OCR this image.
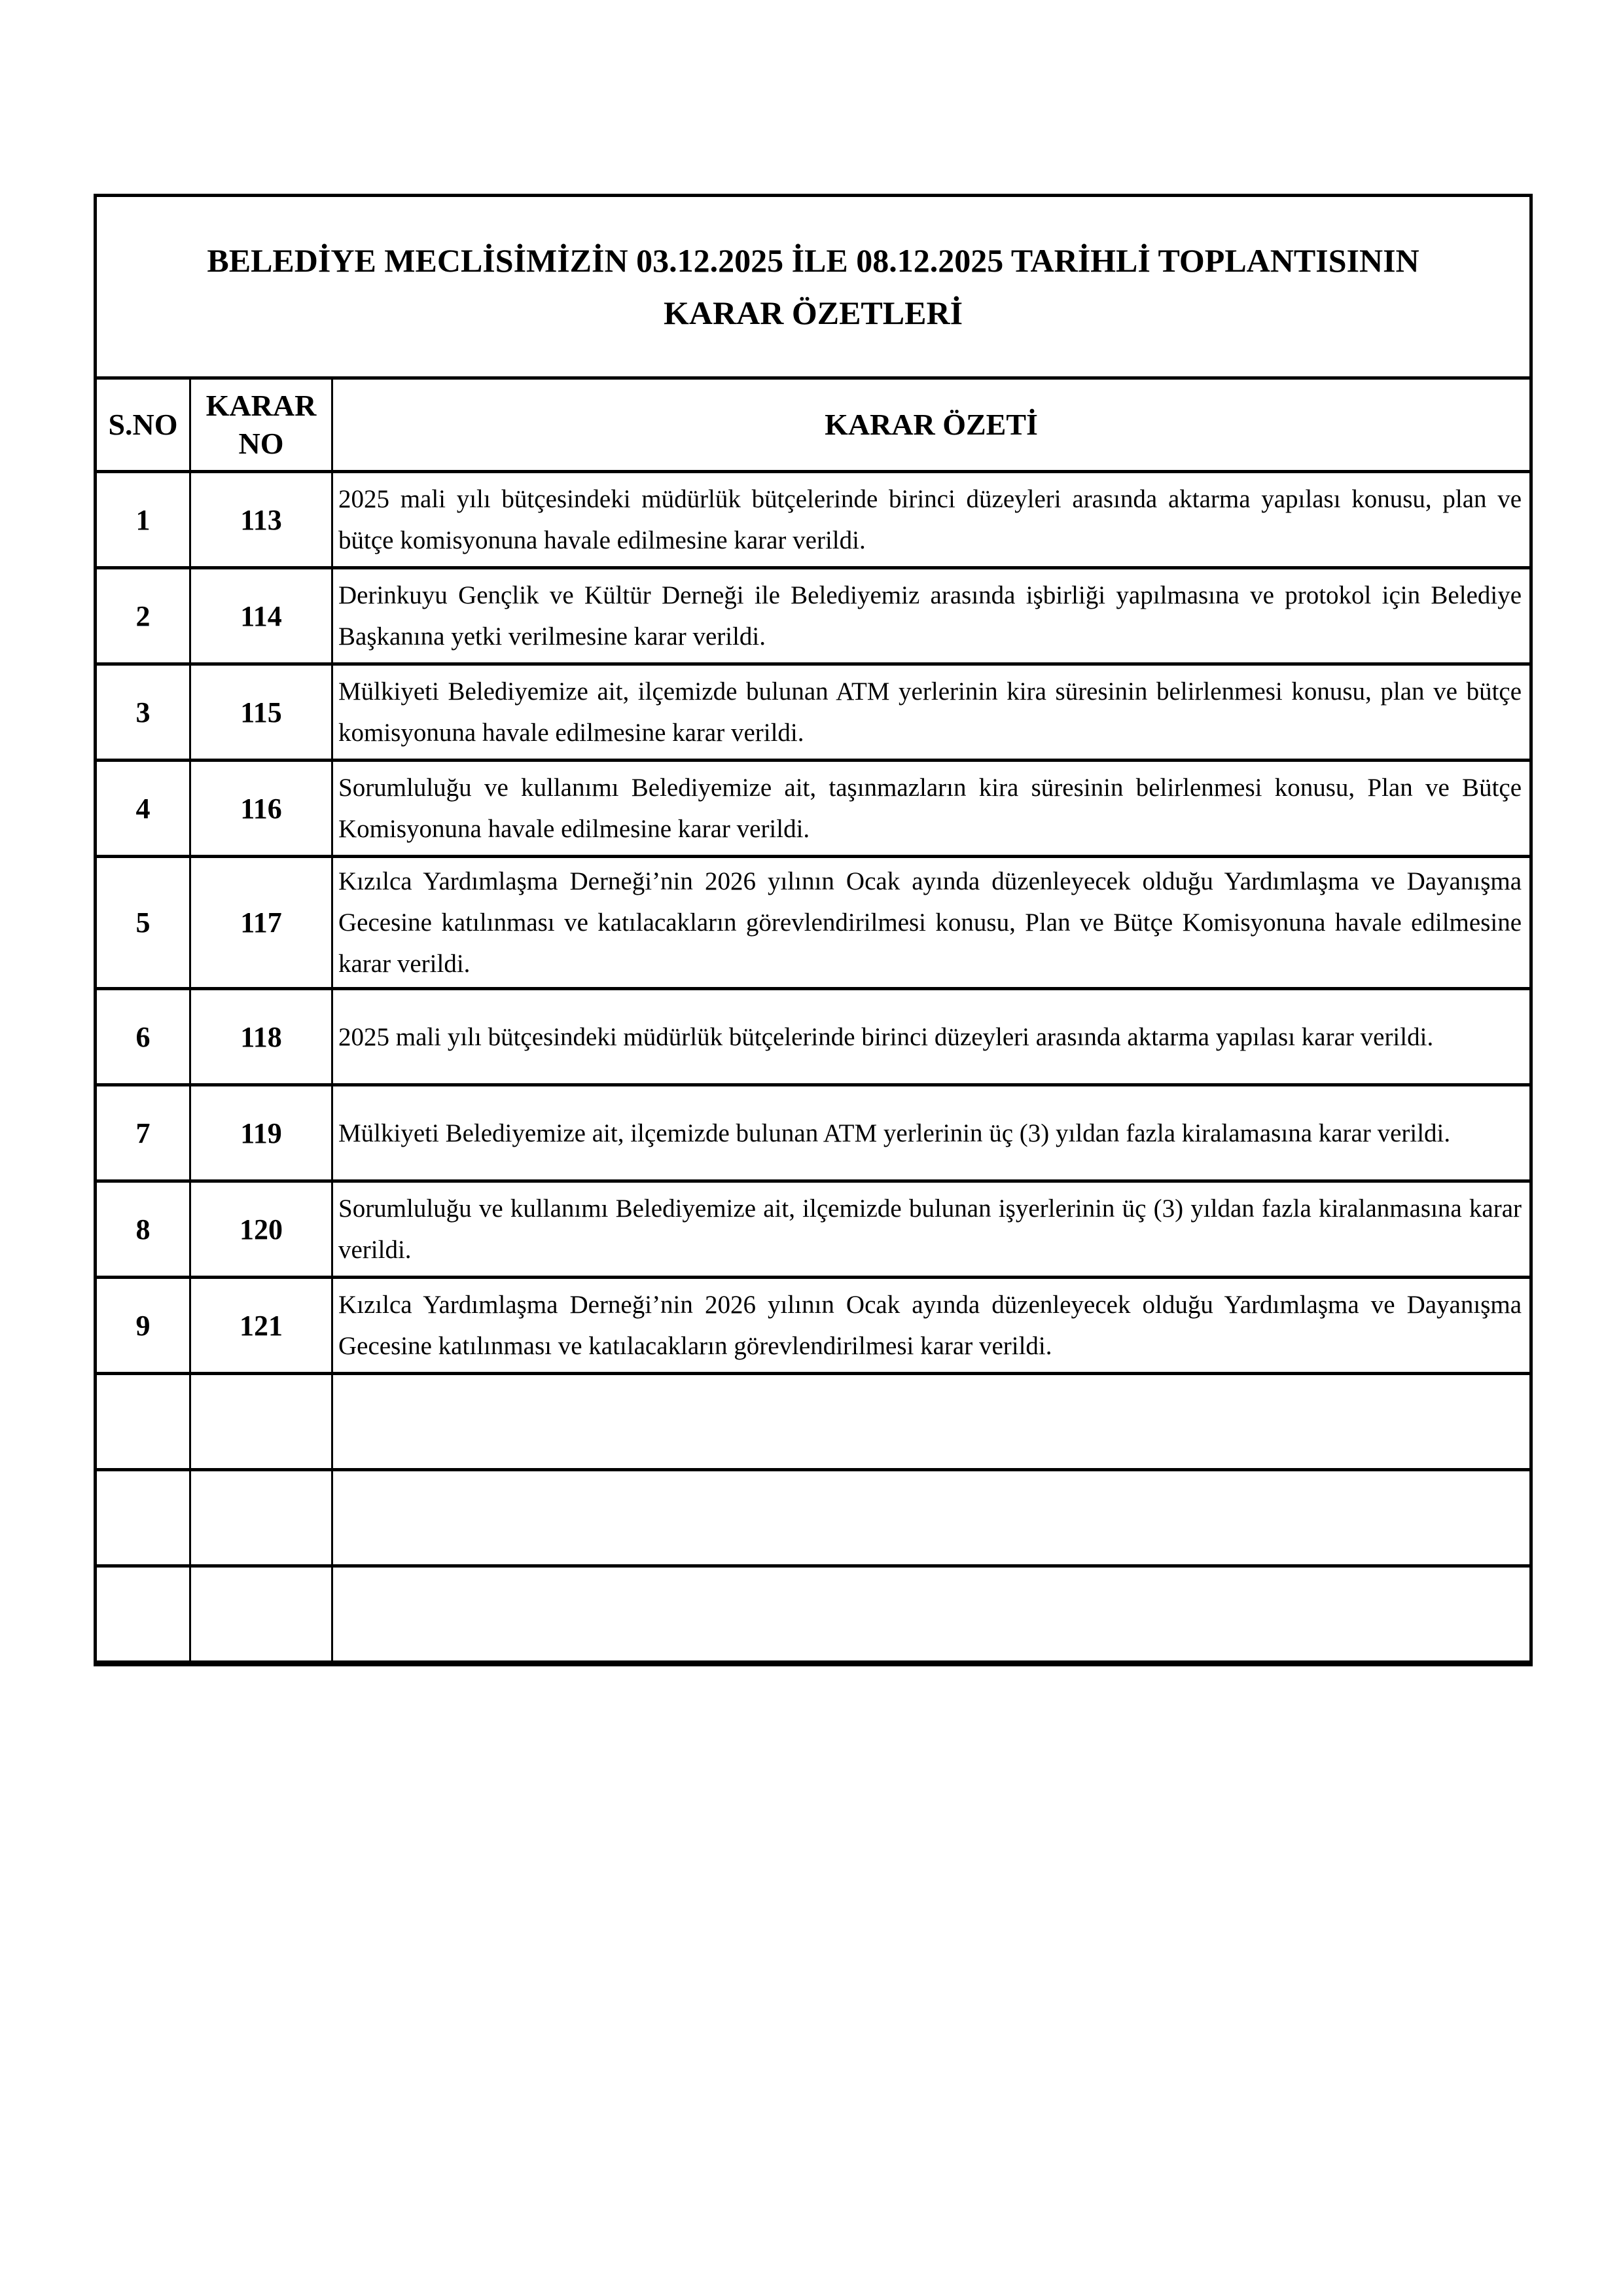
BELEDİYE MECLİSİMİZİN 03.12.2025 İLE 08.12.2025 TARİHLİ TOPLANTISININ
KARAR ÖZETLERİ		

S.NO	KARAR NO	KARAR ÖZETİ
1	113	2025 mali yılı bütçesindeki müdürlük bütçelerinde birinci düzeyleri arasında aktarma yapılası konusu, plan ve bütçe komisyonuna havale edilmesine karar verildi.
2	114	Derinkuyu Gençlik ve Kültür Derneği ile Belediyemiz arasında işbirliği yapılmasına ve protokol için Belediye Başkanına yetki verilmesine karar verildi.
3	115	Mülkiyeti Belediyemize ait, ilçemizde bulunan ATM yerlerinin kira süresinin belirlenmesi konusu, plan ve bütçe komisyonuna havale edilmesine karar verildi.
4	116	Sorumluluğu ve kullanımı Belediyemize ait, taşınmazların kira süresinin belirlenmesi konusu, Plan ve Bütçe Komisyonuna havale edilmesine karar verildi.
5	117	Kızılca Yardımlaşma Derneği’nin 2026 yılının Ocak ayında düzenleyecek olduğu Yardımlaşma ve Dayanışma Gecesine katılınması ve katılacakların görevlendirilmesi konusu, Plan ve Bütçe Komisyonuna havale edilmesine karar verildi.
6	118	2025 mali yılı bütçesindeki müdürlük bütçelerinde birinci düzeyleri arasında aktarma yapılası karar verildi.
7	119	Mülkiyeti Belediyemize ait, ilçemizde bulunan ATM yerlerinin üç (3) yıldan fazla kiralamasına karar verildi.
8	120	Sorumluluğu ve kullanımı Belediyemize ait, ilçemizde bulunan işyerlerinin üç (3) yıldan fazla kiralanmasına karar verildi.
9	121	Kızılca Yardımlaşma Derneği’nin 2026 yılının Ocak ayında düzenleyecek olduğu Yardımlaşma ve Dayanışma Gecesine katılınması ve katılacakların görevlendirilmesi karar verildi.
